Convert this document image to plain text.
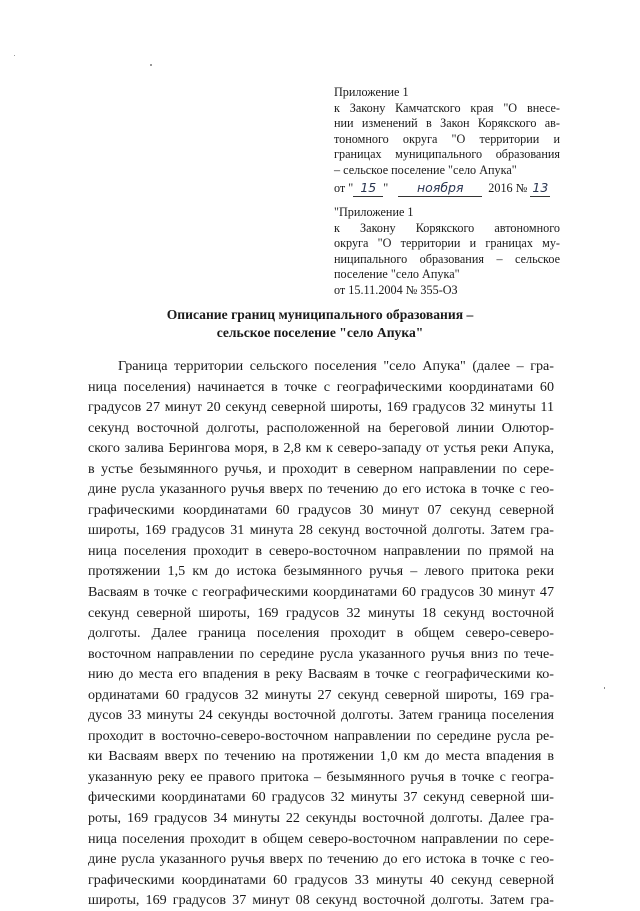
Приложение 1
к Закону Камчатского края "О внесе-
нии изменений в Закон Корякского ав-
тономного округа "О территории и
границах муниципального образования
– сельское поселение "село Апука"
от " 15 " ноября 2016 № 13
"Приложение 1
к Закону Корякского автономного
округа "О территории и границах му-
ниципального образования – сельское
поселение "село Апука"
от 15.11.2004 № 355-ОЗ
Описание границ муниципального образования –
сельское поселение "село Апука"
Граница территории сельского поселения "село Апука" (далее – гра-
ница поселения) начинается в точке с географическими координатами 60
градусов 27 минут 20 секунд северной широты, 169 градусов 32 минуты 11
секунд восточной долготы, расположенной на береговой линии Олютор-
ского залива Берингова моря, в 2,8 км к северо-западу от устья реки Апука,
в устье безымянного ручья, и проходит в северном направлении по сере-
дине русла указанного ручья вверх по течению до его истока в точке с гео-
графическими координатами 60 градусов 30 минут 07 секунд северной
широты, 169 градусов 31 минута 28 секунд восточной долготы. Затем гра-
ница поселения проходит в северо-восточном направлении по прямой на
протяжении 1,5 км до истока безымянного ручья – левого притока реки
Васваям в точке с географическими координатами 60 градусов 30 минут 47
секунд северной широты, 169 градусов 32 минуты 18 секунд восточной
долготы. Далее граница поселения проходит в общем северо-северо-
восточном направлении по середине русла указанного ручья вниз по тече-
нию до места его впадения в реку Васваям в точке с географическими ко-
ординатами 60 градусов 32 минуты 27 секунд северной широты, 169 гра-
дусов 33 минуты 24 секунды восточной долготы. Затем граница поселения
проходит в восточно-северо-восточном направлении по середине русла ре-
ки Васваям вверх по течению на протяжении 1,0 км до места впадения в
указанную реку ее правого притока – безымянного ручья в точке с геогра-
фическими координатами 60 градусов 32 минуты 37 секунд северной ши-
роты, 169 градусов 34 минуты 22 секунды восточной долготы. Далее гра-
ница поселения проходит в общем северо-восточном направлении по сере-
дине русла указанного ручья вверх по течению до его истока в точке с гео-
графическими координатами 60 градусов 33 минуты 40 секунд северной
широты, 169 градусов 37 минут 08 секунд восточной долготы. Затем гра-
